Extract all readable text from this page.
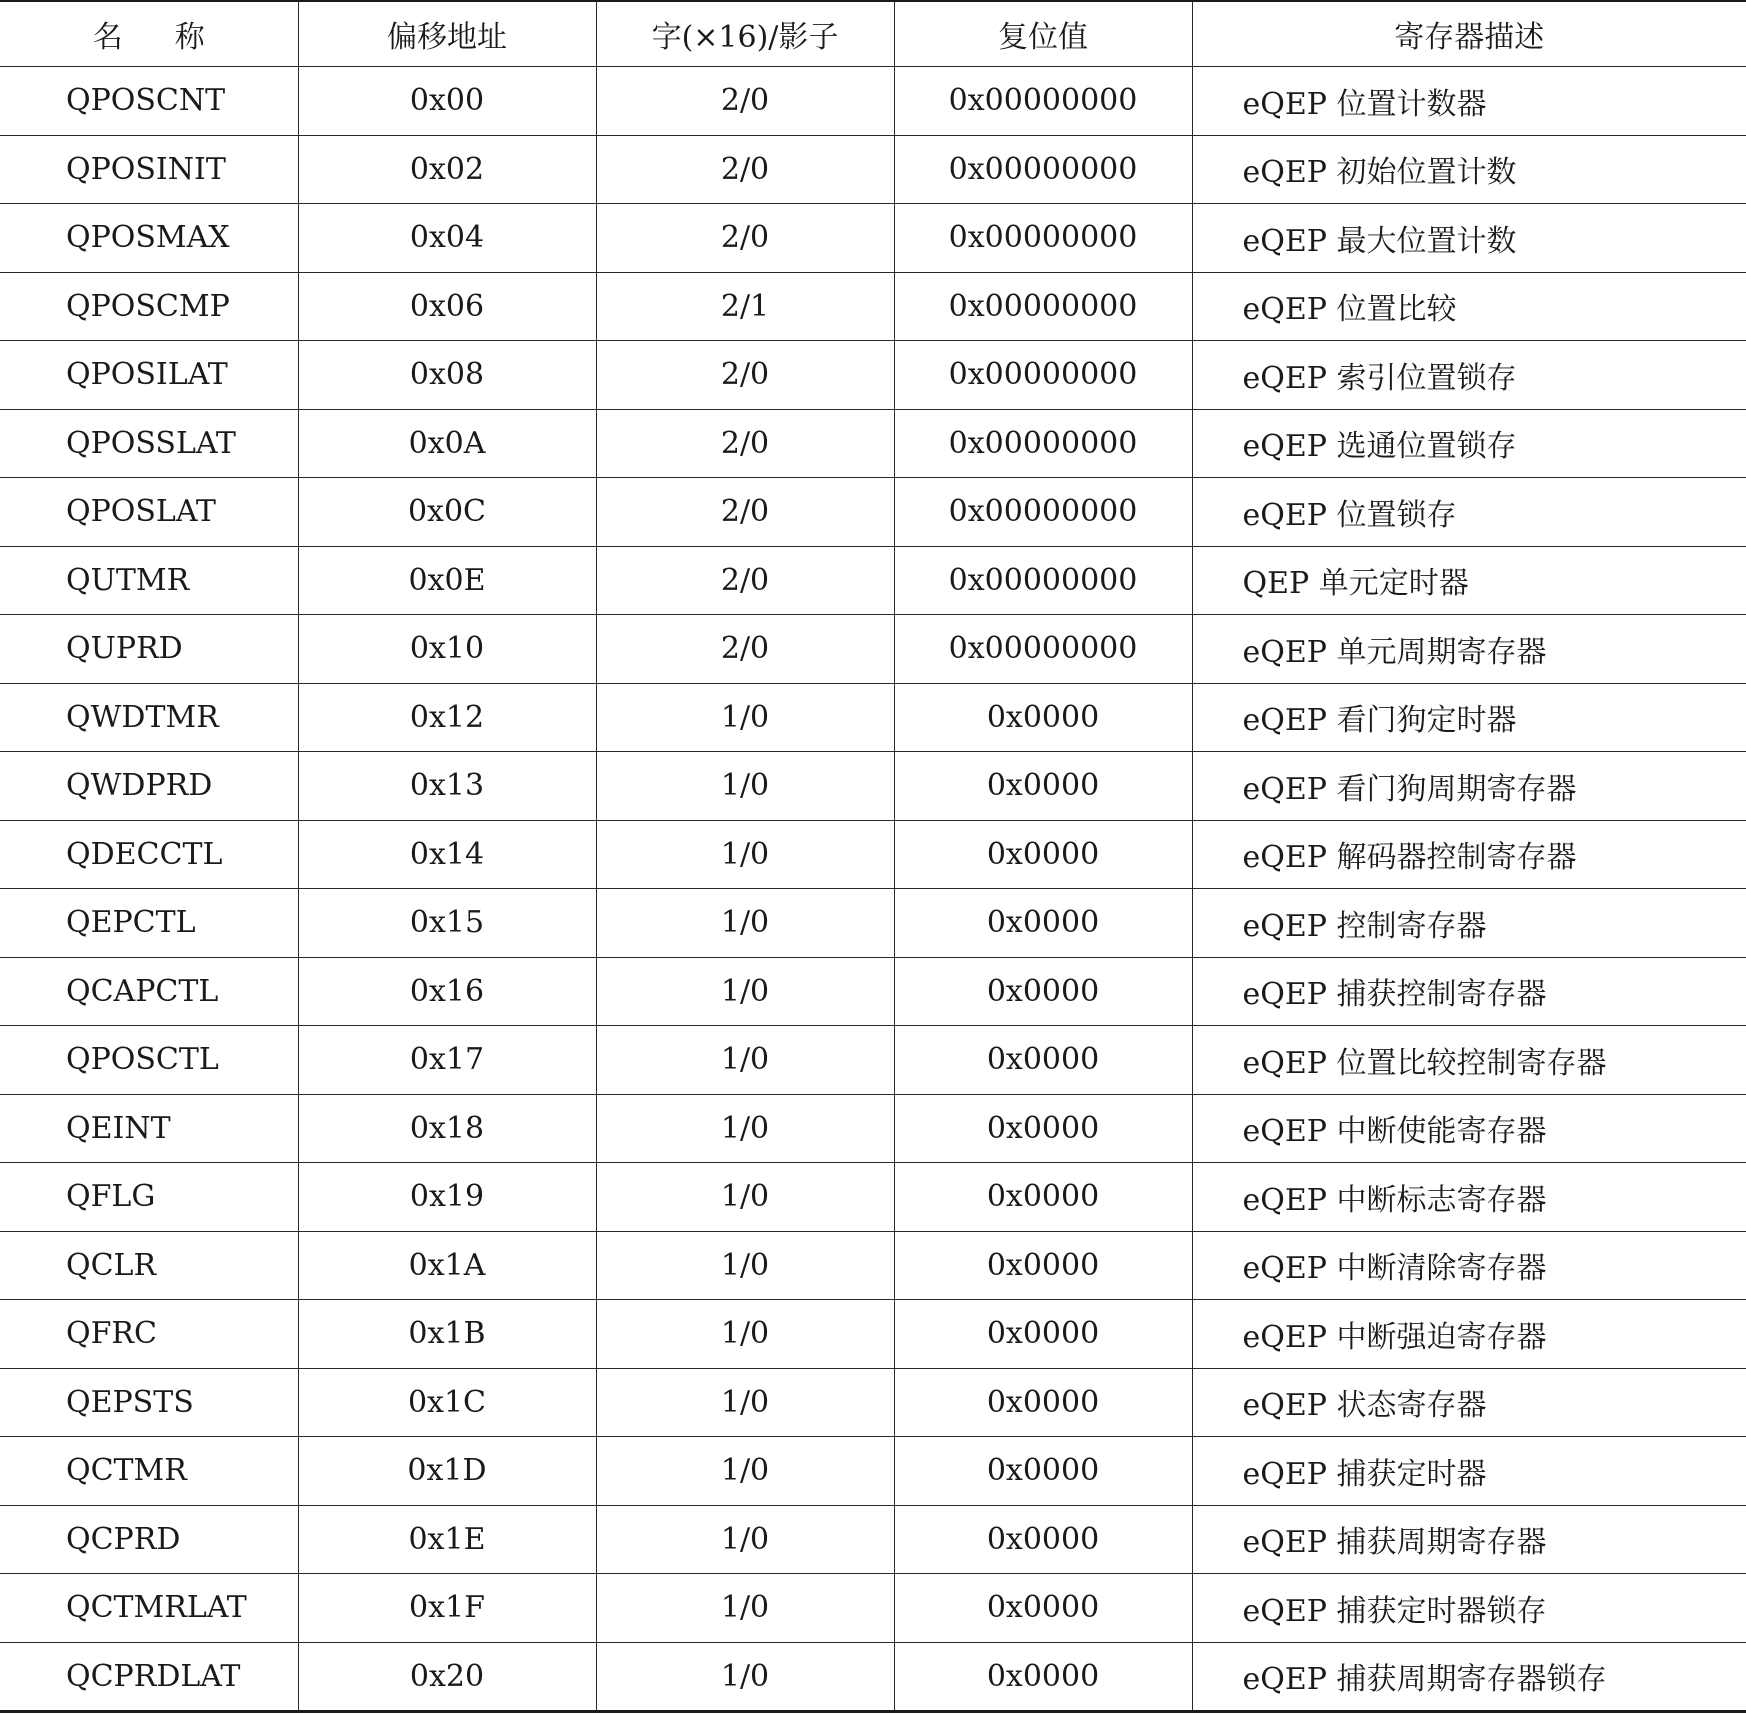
名 称	偏移地址	字(×16)/影子	复位值	寄存器描述
QPOSCNT	0x00	2/0	0x00000000	eQEP 位置计数器
QPOSINIT	0x02	2/0	0x00000000	eQEP 初始位置计数
QPOSMAX	0x04	2/0	0x00000000	eQEP 最大位置计数
QPOSCMP	0x06	2/1	0x00000000	eQEP 位置比较
QPOSILAT	0x08	2/0	0x00000000	eQEP 索引位置锁存
QPOSSLAT	0x0A	2/0	0x00000000	eQEP 选通位置锁存
QPOSLAT	0x0C	2/0	0x00000000	eQEP 位置锁存
QUTMR	0x0E	2/0	0x00000000	QEP 单元定时器
QUPRD	0x10	2/0	0x00000000	eQEP 单元周期寄存器
QWDTMR	0x12	1/0	0x0000	eQEP 看门狗定时器
QWDPRD	0x13	1/0	0x0000	eQEP 看门狗周期寄存器
QDECCTL	0x14	1/0	0x0000	eQEP 解码器控制寄存器
QEPCTL	0x15	1/0	0x0000	eQEP 控制寄存器
QCAPCTL	0x16	1/0	0x0000	eQEP 捕获控制寄存器
QPOSCTL	0x17	1/0	0x0000	eQEP 位置比较控制寄存器
QEINT	0x18	1/0	0x0000	eQEP 中断使能寄存器
QFLG	0x19	1/0	0x0000	eQEP 中断标志寄存器
QCLR	0x1A	1/0	0x0000	eQEP 中断清除寄存器
QFRC	0x1B	1/0	0x0000	eQEP 中断强迫寄存器
QEPSTS	0x1C	1/0	0x0000	eQEP 状态寄存器
QCTMR	0x1D	1/0	0x0000	eQEP 捕获定时器
QCPRD	0x1E	1/0	0x0000	eQEP 捕获周期寄存器
QCTMRLAT	0x1F	1/0	0x0000	eQEP 捕获定时器锁存
QCPRDLAT	0x20	1/0	0x0000	eQEP 捕获周期寄存器锁存
